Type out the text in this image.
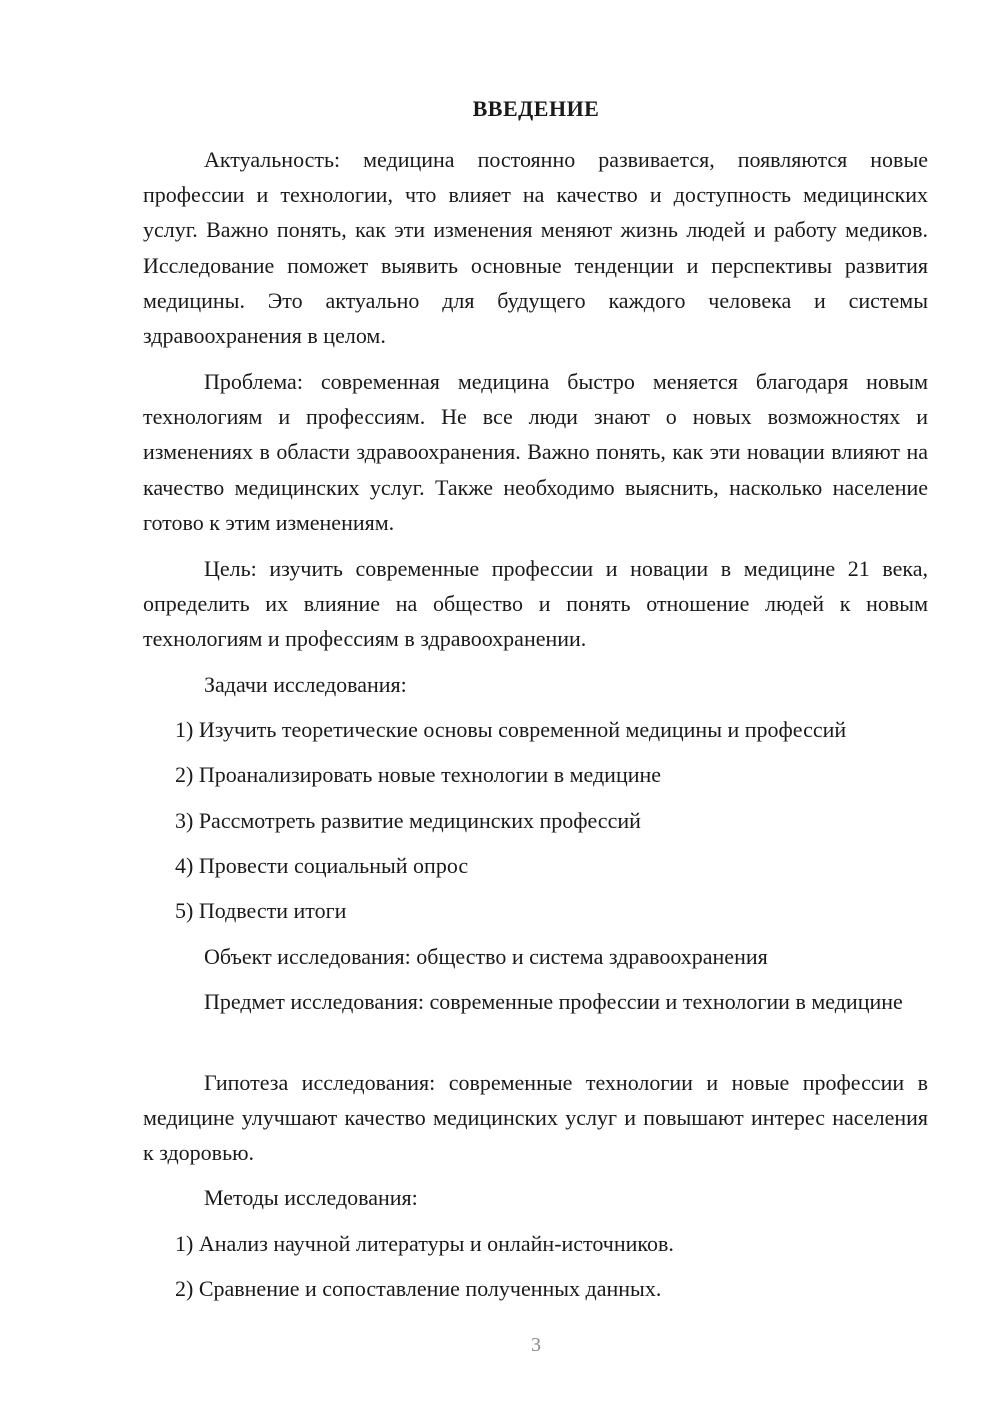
ВВЕДЕНИЕ

Актуальность: медицина постоянно развивается, появляются новые профессии и технологии, что влияет на качество и доступность медицинских услуг. Важно понять, как эти изменения меняют жизнь людей и работу медиков. Исследование поможет выявить основные тенденции и перспективы развития медицины. Это актуально для будущего каждого человека и системы здравоохранения в целом.

Проблема: современная медицина быстро меняется благодаря новым технологиям и профессиям. Не все люди знают о новых возможностях и изменениях в области здравоохранения. Важно понять, как эти новации влияют на качество медицинских услуг. Также необходимо выяснить, насколько население готово к этим изменениям.

Цель: изучить современные профессии и новации в медицине 21 века, определить их влияние на общество и понять отношение людей к новым технологиям и профессиям в здравоохранении.

Задачи исследования:

1) Изучить теоретические основы современной медицины и профессий
2) Проанализировать новые технологии в медицине
3) Рассмотреть развитие медицинских профессий
4) Провести социальный опрос
5) Подвести итоги

Объект исследования: общество и система здравоохранения

Предмет исследования: современные профессии и технологии в медицине

Гипотеза исследования: современные технологии и новые профессии в медицине улучшают качество медицинских услуг и повышают интерес населения к здоровью.

Методы исследования:

1) Анализ научной литературы и онлайн-источников.
2) Сравнение и сопоставление полученных данных.
3
